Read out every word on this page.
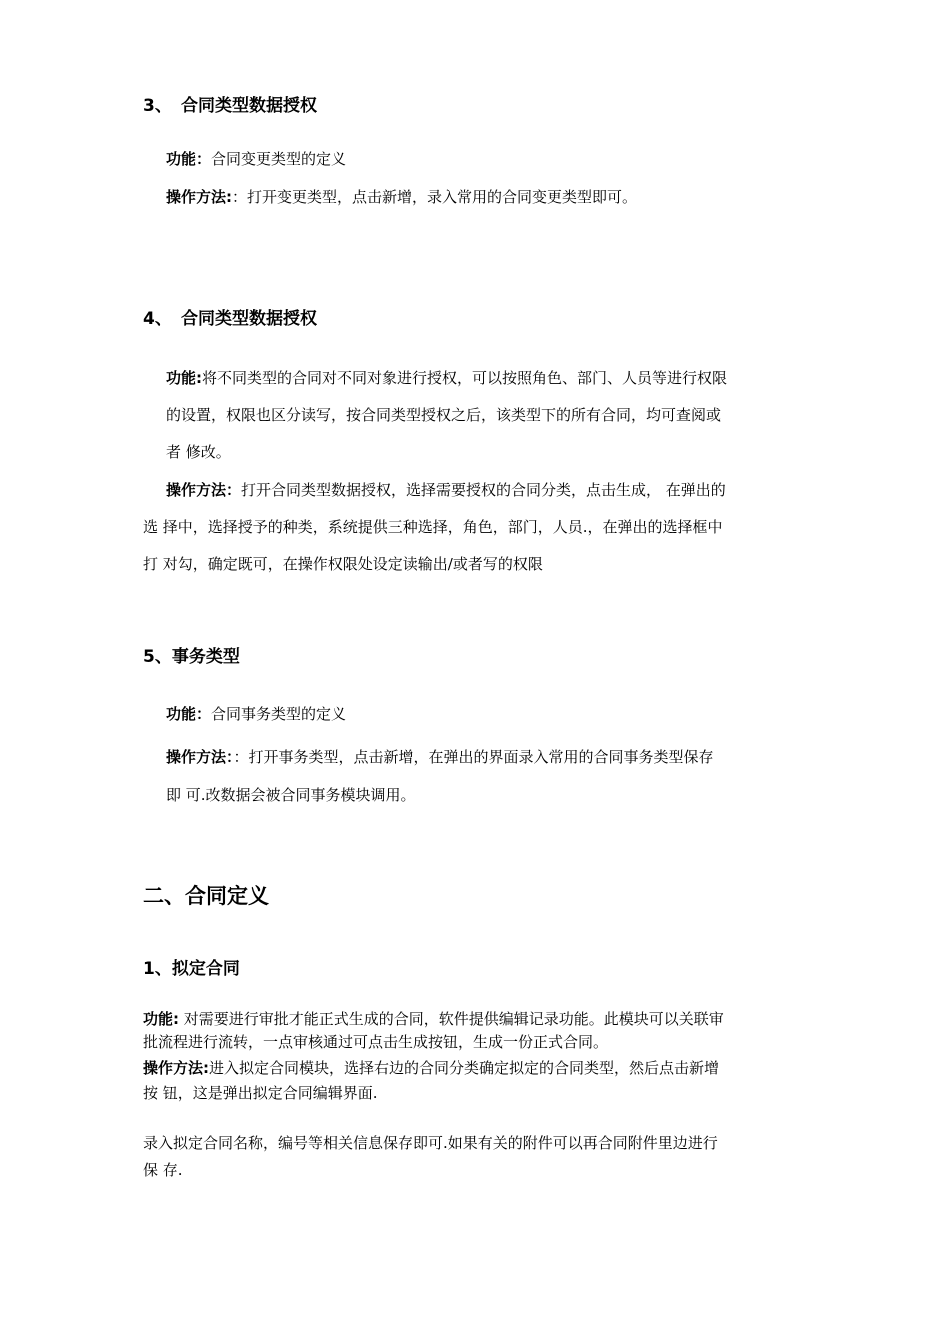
3、 合同类型数据授权
功能：合同变更类型的定义
操作方法:：打开变更类型，点击新增，录入常用的合同变更类型即可。
4、 合同类型数据授权
功能:将不同类型的合同对不同对象进行授权，可以按照角色、部门、人员等进行权限
的设置，权限也区分读写，按合同类型授权之后，该类型下的所有合同，均可查阅或
者 修改。
操作方法：打开合同类型数据授权，选择需要授权的合同分类，点击生成， 在弹出的
选 择中，选择授予的种类，系统提供三种选择，角色，部门，人员.，在弹出的选择框中
打 对勾，确定既可，在操作权限处设定读输出/或者写的权限
5、事务类型
功能：合同事务类型的定义
操作方法：：打开事务类型，点击新增，在弹出的界面录入常用的合同事务类型保存
即 可.改数据会被合同事务模块调用。
二、合同定义
1、拟定合同
功能: 对需要进行审批才能正式生成的合同，软件提供编辑记录功能。此模块可以关联审
批流程进行流转，一点审核通过可点击生成按钮，生成一份正式合同。
操作方法:进入拟定合同模块，选择右边的合同分类确定拟定的合同类型，然后点击新增
按 钮，这是弹出拟定合同编辑界面.
录入拟定合同名称，编号等相关信息保存即可.如果有关的附件可以再合同附件里边进行
保 存.
